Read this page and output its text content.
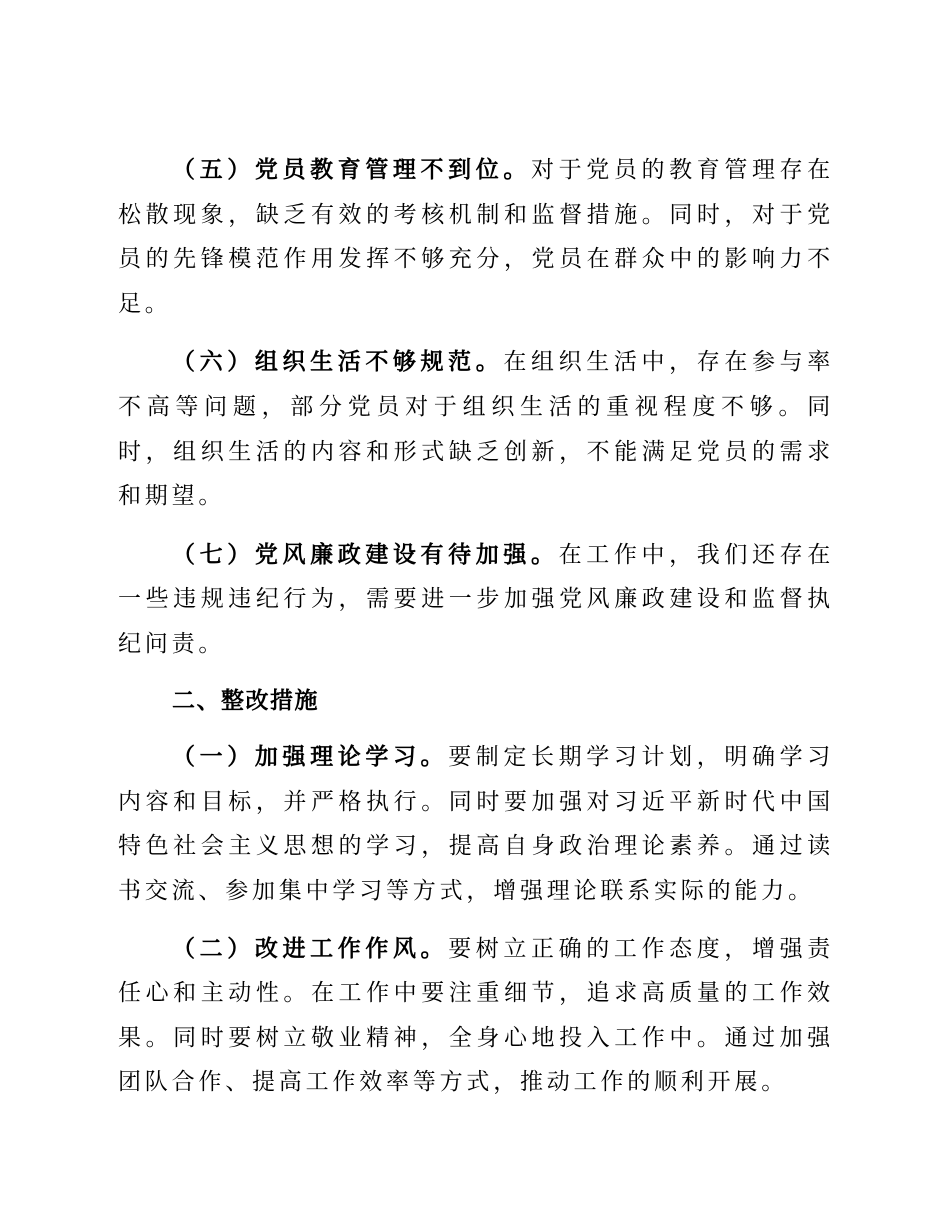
（五）党员教育管理不到位。对于党员的教育管理存在松散现象，缺乏有效的考核机制和监督措施。同时，对于党员的先锋模范作用发挥不够充分，党员在群众中的影响力不足。

（六）组织生活不够规范。在组织生活中，存在参与率不高等问题，部分党员对于组织生活的重视程度不够。同时，组织生活的内容和形式缺乏创新，不能满足党员的需求和期望。

（七）党风廉政建设有待加强。在工作中，我们还存在一些违规违纪行为，需要进一步加强党风廉政建设和监督执纪问责。

二、整改措施

（一）加强理论学习。要制定长期学习计划，明确学习内容和目标，并严格执行。同时要加强对习近平新时代中国特色社会主义思想的学习，提高自身政治理论素养。通过读书交流、参加集中学习等方式，增强理论联系实际的能力。

（二）改进工作作风。要树立正确的工作态度，增强责任心和主动性。在工作中要注重细节，追求高质量的工作效果。同时要树立敬业精神，全身心地投入工作中。通过加强团队合作、提高工作效率等方式，推动工作的顺利开展。
